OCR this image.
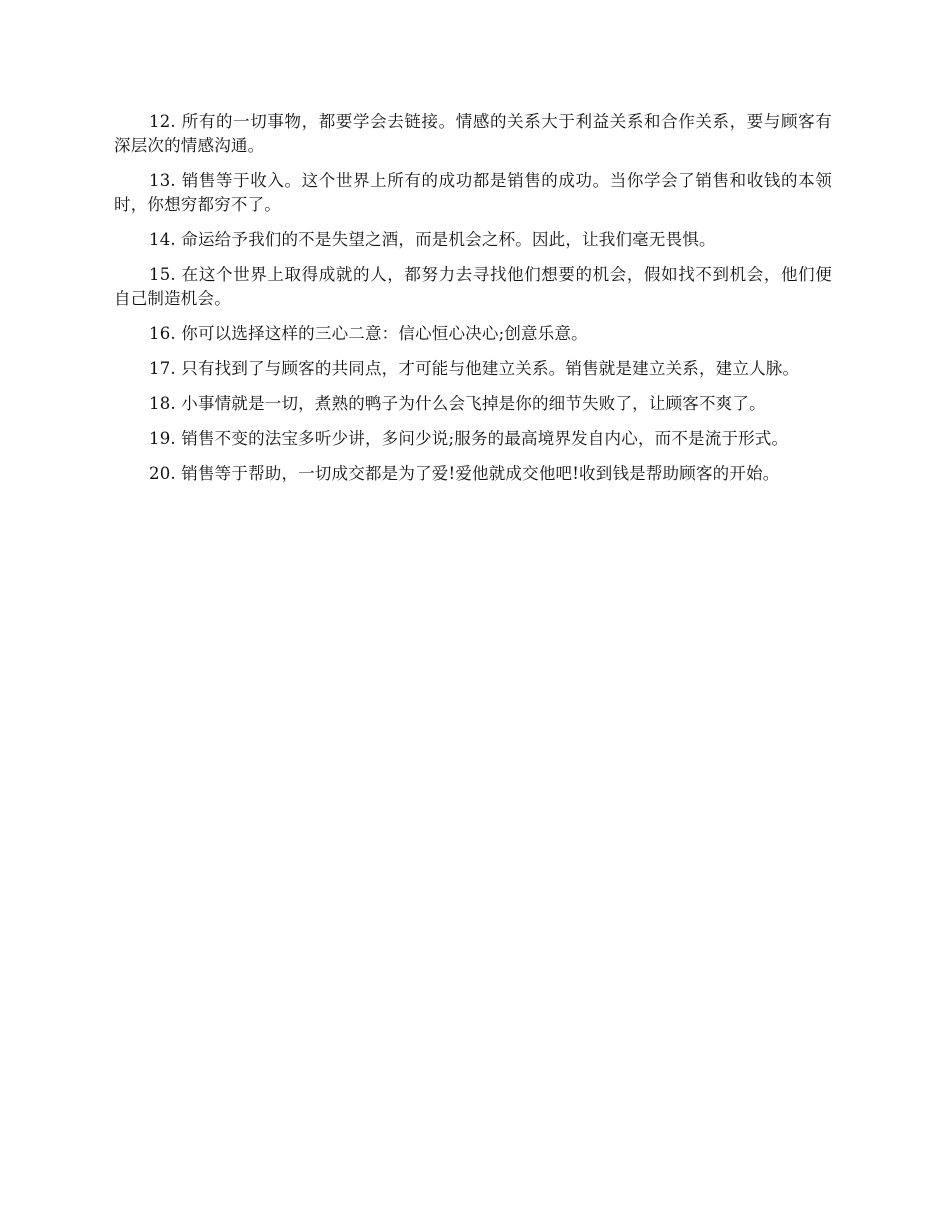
12. 所有的一切事物，都要学会去链接。情感的关系大于利益关系和合作关系，要与顾客有深层次的情感沟通。

13. 销售等于收入。这个世界上所有的成功都是销售的成功。当你学会了销售和收钱的本领时，你想穷都穷不了。

14. 命运给予我们的不是失望之酒，而是机会之杯。因此，让我们毫无畏惧。

15. 在这个世界上取得成就的人，都努力去寻找他们想要的机会，假如找不到机会，他们便自己制造机会。

16. 你可以选择这样的三心二意：信心恒心决心;创意乐意。

17. 只有找到了与顾客的共同点，才可能与他建立关系。销售就是建立关系，建立人脉。

18. 小事情就是一切，煮熟的鸭子为什么会飞掉是你的细节失败了，让顾客不爽了。

19. 销售不变的法宝多听少讲，多问少说;服务的最高境界发自内心，而不是流于形式。

20. 销售等于帮助，一切成交都是为了爱!爱他就成交他吧!收到钱是帮助顾客的开始。
